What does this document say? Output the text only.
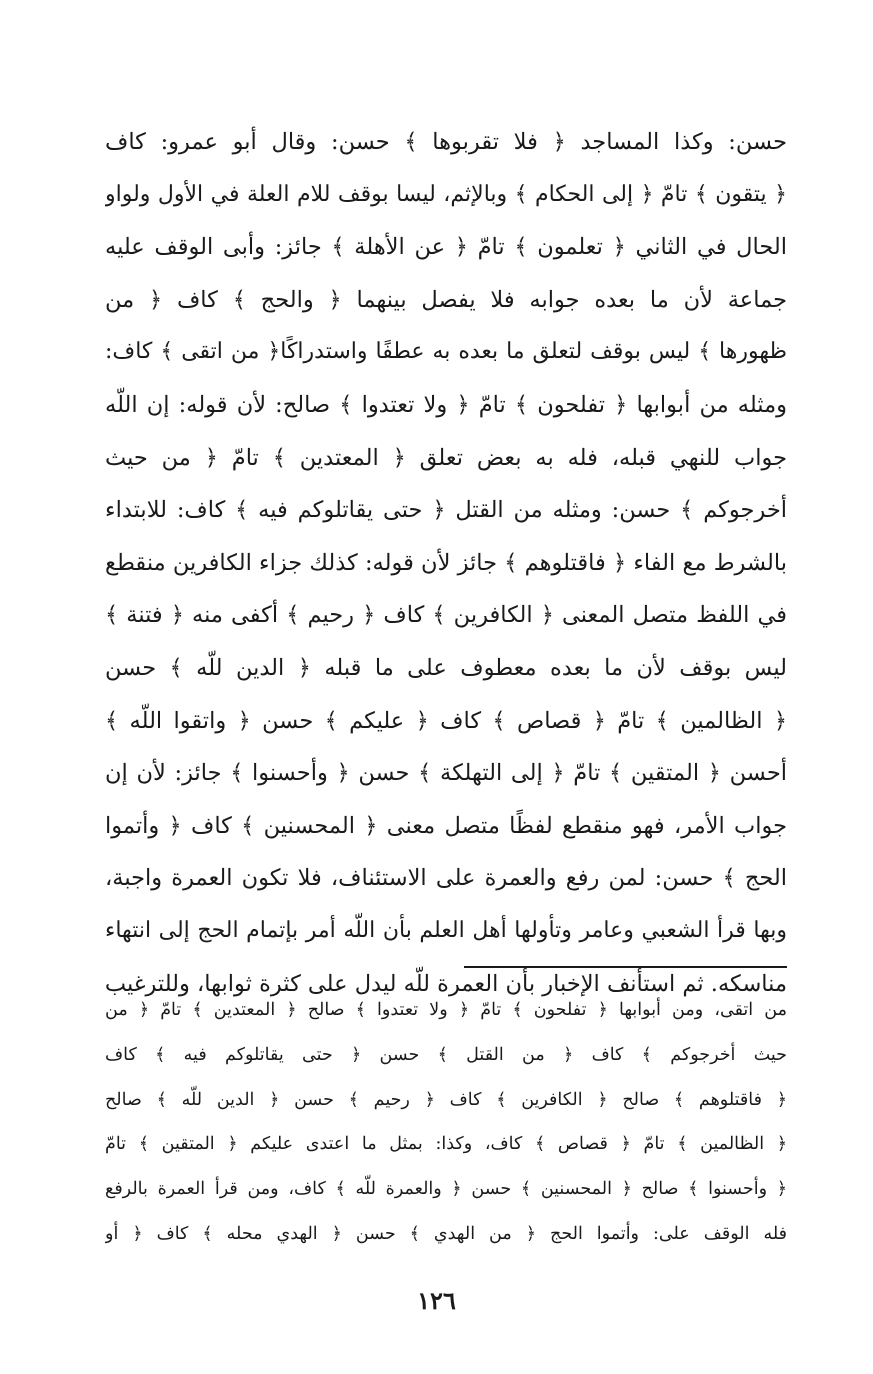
حسن: وكذا المساجد ﴿ فلا تقربوها ﴾ حسن: وقال أبو عمرو: كاف
﴿ يتقون ﴾ تامّ ﴿ إلى الحكام ﴾ وبالإثم، ليسا بوقف للام العلة في الأول ولواو
الحال في الثاني ﴿ تعلمون ﴾ تامّ ﴿ عن الأهلة ﴾ جائز: وأبى الوقف عليه
جماعة لأن ما بعده جوابه فلا يفصل بينهما ﴿ والحج ﴾ كاف ﴿ من
ظهورها ﴾ ليس بوقف لتعلق ما بعده به عطفًا واستدراكًا﴿ من اتقى ﴾ كاف:
ومثله من أبوابها ﴿ تفلحون ﴾ تامّ ﴿ ولا تعتدوا ﴾ صالح: لأن قوله: إن اللّه
جواب للنهي قبله، فله به بعض تعلق ﴿ المعتدين ﴾ تامّ ﴿ من حيث
أخرجوكم ﴾ حسن: ومثله من القتل ﴿ حتى يقاتلوكم فيه ﴾ كاف: للابتداء
بالشرط مع الفاء ﴿ فاقتلوهم ﴾ جائز لأن قوله: كذلك جزاء الكافرين منقطع
في اللفظ متصل المعنى ﴿ الكافرين ﴾ كاف ﴿ رحيم ﴾ أكفى منه ﴿ فتنة ﴾
ليس بوقف لأن ما بعده معطوف على ما قبله ﴿ الدين للّه ﴾ حسن
﴿ الظالمين ﴾ تامّ ﴿ قصاص ﴾ كاف ﴿ عليكم ﴾ حسن ﴿ واتقوا اللّه ﴾
أحسن ﴿ المتقين ﴾ تامّ ﴿ إلى التهلكة ﴾ حسن ﴿ وأحسنوا ﴾ جائز: لأن إن
جواب الأمر، فهو منقطع لفظًا متصل معنى ﴿ المحسنين ﴾ كاف ﴿ وأتموا
الحج ﴾ حسن: لمن رفع والعمرة على الاستئناف، فلا تكون العمرة واجبة،
وبها قرأ الشعبي وعامر وتأولها أهل العلم بأن اللّه أمر بإتمام الحج إلى انتهاء
مناسكه. ثم استأنف الإخبار بأن العمرة للّه ليدل على كثرة ثوابها، وللترغيب
من اتقى، ومن أبوابها ﴿ تفلحون ﴾ تامّ ﴿ ولا تعتدوا ﴾ صالح ﴿ المعتدين ﴾ تامّ ﴿ من
حيث أخرجوكم ﴾ كاف ﴿ من القتل ﴾ حسن ﴿ حتى يقاتلوكم فيه ﴾ كاف
﴿ فاقتلوهم ﴾ صالح ﴿ الكافرين ﴾ كاف ﴿ رحيم ﴾ حسن ﴿ الدين للّه ﴾ صالح
﴿ الظالمين ﴾ تامّ ﴿ قصاص ﴾ كاف، وكذا: بمثل ما اعتدى عليكم ﴿ المتقين ﴾ تامّ
﴿ وأحسنوا ﴾ صالح ﴿ المحسنين ﴾ حسن ﴿ والعمرة للّه ﴾ كاف، ومن قرأ العمرة بالرفع
فله الوقف على: وأتموا الحج ﴿ من الهدي ﴾ حسن ﴿ الهدي محله ﴾ كاف ﴿ أو
١٢٦
